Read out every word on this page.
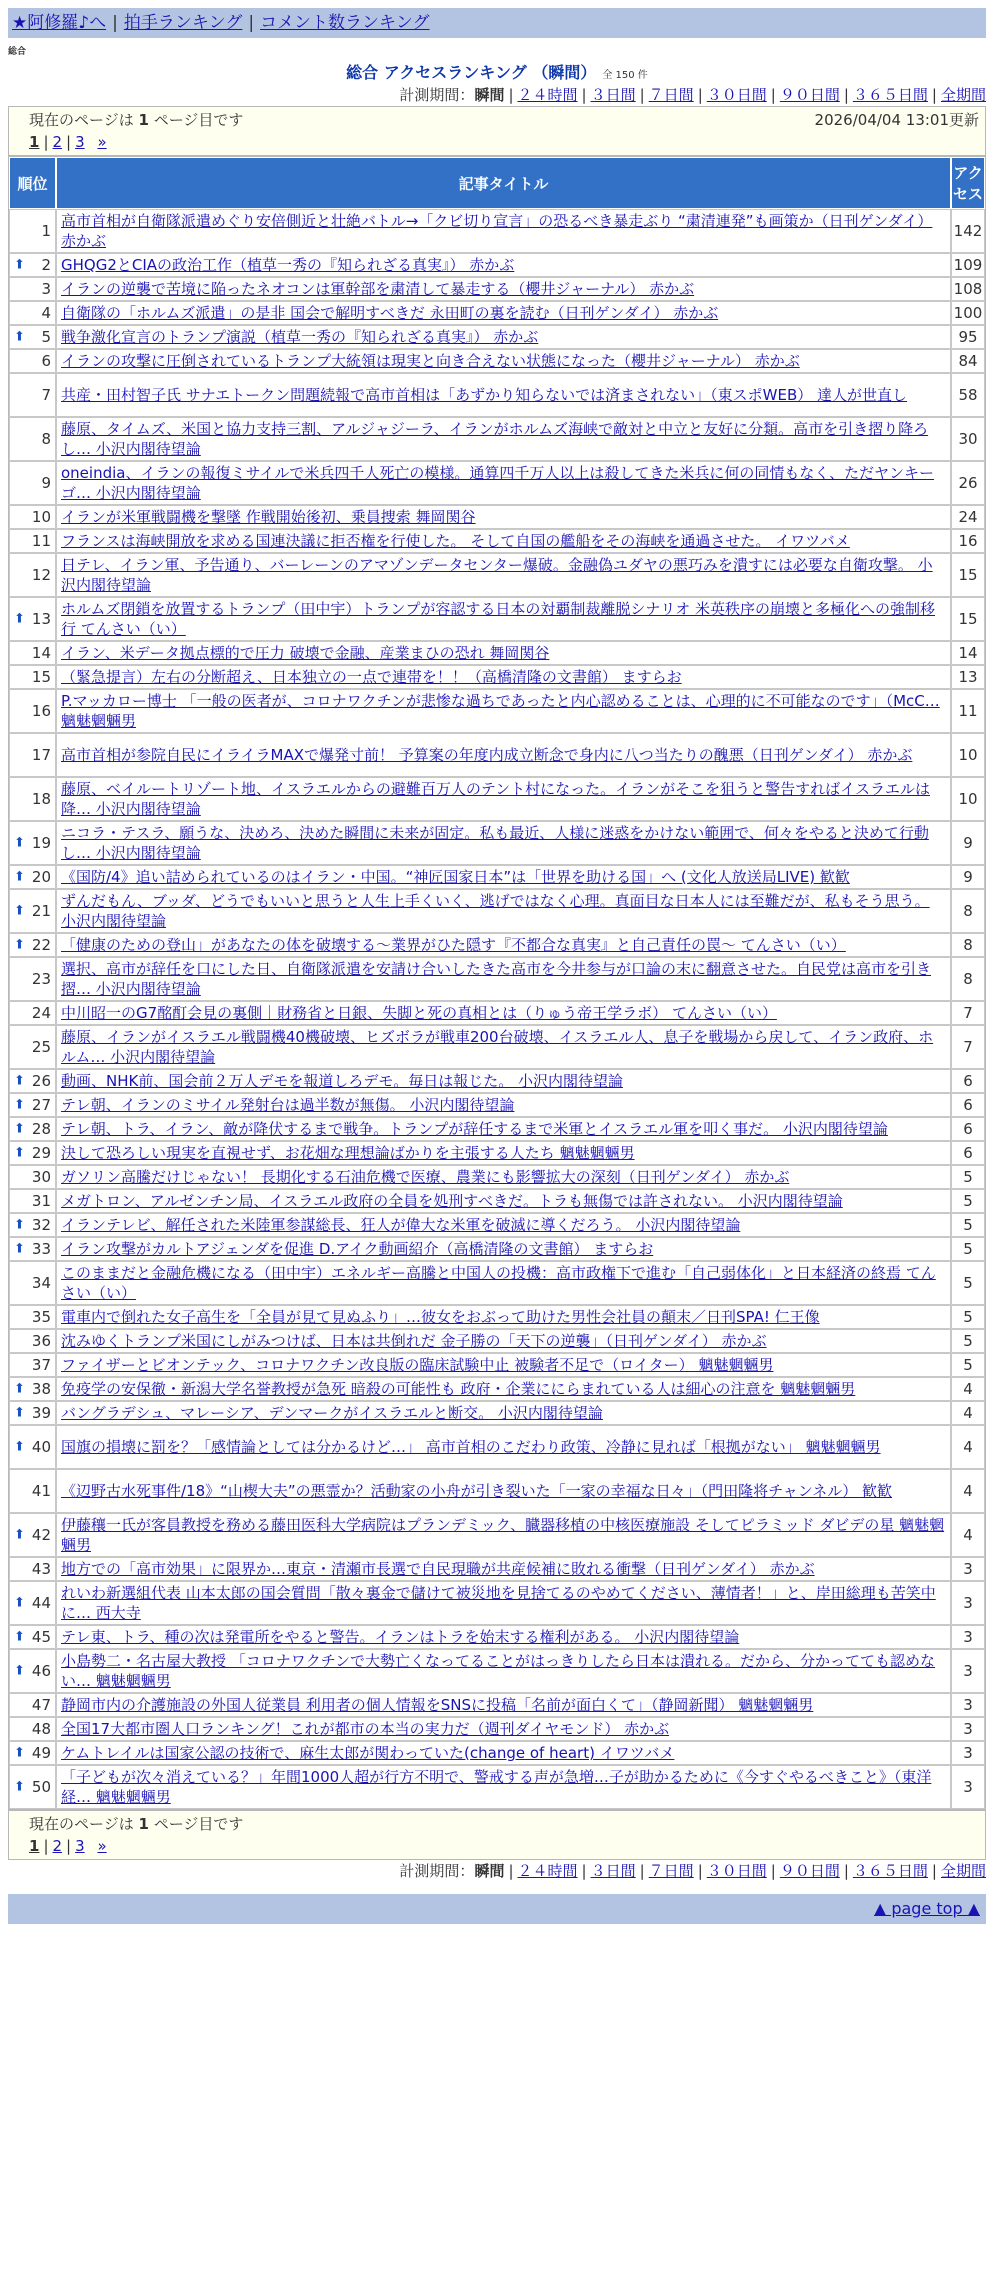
★阿修羅♪へ | 拍手ランキング | コメント数ランキング
総合
総合 アクセスランキング （瞬間） 全 150 件
計測期間：瞬間 | ２４時間 | ３日間 | ７日間 | ３０日間 | ９０日間 | ３６５日間 | 全期間
現在のページは 1 ページ目です	2026/04/04 13:01更新
1 | 2 | 3 »
順位	記事タイトル	アクセス
1	高市首相が自衛隊派遣めぐり安倍側近と壮絶バトル→「クビ切り宣言」の恐るべき暴走ぶり “粛清連発”も画策か（日刊ゲンダイ） 赤かぶ	142

⬆ 2	GHQG2とCIAの政治工作（植草一秀の『知られざる真実』） 赤かぶ	109
3	イランの逆襲で苦境に陥ったネオコンは軍幹部を粛清して暴走する（櫻井ジャーナル） 赤かぶ	108
4	自衛隊の「ホルムズ派遣」の是非 国会で解明すべきだ 永田町の裏を読む（日刊ゲンダイ） 赤かぶ	100

⬆ 5	戦争激化宣言のトランプ演説（植草一秀の『知られざる真実』） 赤かぶ	95
6	イランの攻撃に圧倒されているトランプ大統領は現実と向き合えない状態になった（櫻井ジャーナル） 赤かぶ	84
7	共産・田村智子氏 サナエトークン問題続報で高市首相は「あずかり知らないでは済まされない」（東スポWEB） 達人が世直し	58
8	藤原、タイムズ、米国と協力支持三割、アルジャジーラ、イランがホルムズ海峡で敵対と中立と友好に分類。高市を引き摺り降ろし… 小沢内閣待望論	30
9	oneindia、イランの報復ミサイルで米兵四千人死亡の模様。通算四千万人以上は殺してきた米兵に何の同情もなく、ただヤンキーゴ… 小沢内閣待望論	26
10	イランが米軍戦闘機を撃墜 作戦開始後初、乗員捜索 舞岡関谷	24
11	フランスは海峡開放を求める国連決議に拒否権を行使した。 そして自国の艦船をその海峡を通過させた。 イワツバメ	16
12	日テレ、イラン軍、予告通り、バーレーンのアマゾンデータセンター爆破。金融偽ユダヤの悪巧みを潰すには必要な自衛攻撃。 小沢内閣待望論	15

⬆ 13	ホルムズ閉鎖を放置するトランプ（田中宇）トランプが容認する日本の対覇制裁離脱シナリオ 米英秩序の崩壊と多極化への強制移行 てんさい（い）	15
14	イラン、米データ拠点標的で圧力 破壊で金融、産業まひの恐れ 舞岡関谷	14
15	（緊急提言）左右の分断超え、日本独立の一点で連帯を！！（高橋清隆の文書館） ますらお	13
16	P.マッカロー博士 「一般の医者が、コロナワクチンが悲惨な過ちであったと内心認めることは、心理的に不可能なのです」（McC… 魑魅魍魎男	11
17	高市首相が参院自民にイライラMAXで爆発寸前！ 予算案の年度内成立断念で身内に八つ当たりの醜悪（日刊ゲンダイ） 赤かぶ	10
18	藤原、ベイルートリゾート地、イスラエルからの避難百万人のテント村になった。イランがそこを狙うと警告すればイスラエルは降… 小沢内閣待望論	10

⬆ 19	ニコラ・テスラ、願うな、決めろ、決めた瞬間に未来が固定。私も最近、人様に迷惑をかけない範囲で、何々をやると決めて行動し… 小沢内閣待望論	9

⬆ 20	《国防/4》追い詰められているのはイラン・中国。“神匠国家日本”は「世界を助ける国」へ (文化人放送局LIVE) 歓歓	9

⬆ 21	ずんだもん、ブッダ、どうでもいいと思うと人生上手くいく、逃げではなく心理。真面目な日本人には至難だが、私もそう思う。 小沢内閣待望論	8

⬆ 22	「健康のための登山」があなたの体を破壊する～業界がひた隠す『不都合な真実』と自己責任の罠～ てんさい（い）	8
23	選択、高市が辞任を口にした日、自衛隊派遣を安請け合いしたきた高市を今井参与が口論の末に翻意させた。自民党は高市を引き摺… 小沢内閣待望論	8
24	中川昭一のG7酩酊会見の裏側｜財務省と日銀、失脚と死の真相とは（りゅう帝王学ラボ） てんさい（い）	7
25	藤原、イランがイスラエル戦闘機40機破壊、ヒズボラが戦車200台破壊、イスラエル人、息子を戦場から戻して、イラン政府、ホルム… 小沢内閣待望論	7

⬆ 26	動画、NHK前、国会前２万人デモを報道しろデモ。毎日は報じた。 小沢内閣待望論	6

⬆ 27	テレ朝、イランのミサイル発射台は過半数が無傷。 小沢内閣待望論	6

⬆ 28	テレ朝、トラ、イラン、敵が降伏するまで戦争。トランプが辞任するまで米軍とイスラエル軍を叩く事だ。 小沢内閣待望論	6

⬆ 29	決して恐ろしい現実を直視せず、お花畑な理想論ばかりを主張する人たち 魑魅魍魎男	6
30	ガソリン高騰だけじゃない！ 長期化する石油危機で医療、農業にも影響拡大の深刻（日刊ゲンダイ） 赤かぶ	5
31	メガトロン、アルゼンチン局、イスラエル政府の全員を処刑すべきだ。トラも無傷では許されない。 小沢内閣待望論	5

⬆ 32	イランテレビ、解任された米陸軍参謀総長、狂人が偉大な米軍を破滅に導くだろう。 小沢内閣待望論	5

⬆ 33	イラン攻撃がカルトアジェンダを促進 D.アイク動画紹介（高橋清隆の文書館） ますらお	5
34	このままだと金融危機になる（田中宇）エネルギー高騰と中国人の投機：高市政権下で進む「自己弱体化」と日本経済の終焉 てんさい（い）	5
35	電車内で倒れた女子高生を「全員が見て見ぬふり」…彼女をおぶって助けた男性会社員の顛末／日刊SPA! 仁王像	5
36	沈みゆくトランプ米国にしがみつけば、日本は共倒れだ 金子勝の「天下の逆襲」（日刊ゲンダイ） 赤かぶ	5
37	ファイザーとビオンテック、コロナワクチン改良版の臨床試験中止 被験者不足で（ロイター） 魑魅魍魎男	5

⬆ 38	免疫学の安保徹・新潟大学名誉教授が急死 暗殺の可能性も 政府・企業ににらまれている人は細心の注意を 魑魅魍魎男	4

⬆ 39	バングラデシュ、マレーシア、デンマークがイスラエルと断交。 小沢内閣待望論	4

⬆ 40	国旗の損壊に罰を？「感情論としては分かるけど…」 高市首相のこだわり政策、冷静に見れば「根拠がない」 魑魅魍魎男	4
41	《辺野古水死事件/18》“山楔大夫”の悪霊か？活動家の小舟が引き裂いた「一家の幸福な日々」（門田隆将チャンネル） 歓歓	4

⬆ 42	伊藤穰一氏が客員教授を務める藤田医科大学病院はプランデミック、臓器移植の中核医療施設 そしてピラミッド ダビデの星 魑魅魍魎男	4
43	地方での「高市効果」に限界か…東京・清瀬市長選で自民現職が共産候補に敗れる衝撃（日刊ゲンダイ） 赤かぶ	3

⬆ 44	れいわ新選組代表 山本太郎の国会質問「散々裏金で儲けて被災地を見捨てるのやめてください、薄情者！」と、岸田総理も苦笑中に… 西大寺	3

⬆ 45	テレ東、トラ、種の次は発電所をやると警告。イランはトラを始末する権利がある。 小沢内閣待望論	3

⬆ 46	小島勢二・名古屋大教授 「コロナワクチンで大勢亡くなってることがはっきりしたら日本は潰れる。だから、分かってても認めない… 魑魅魍魎男	3
47	静岡市内の介護施設の外国人従業員 利用者の個人情報をSNSに投稿「名前が面白くて」（静岡新聞） 魑魅魍魎男	3
48	全国17大都市圏人口ランキング！これが都市の本当の実力だ（週刊ダイヤモンド） 赤かぶ	3

⬆ 49	ケムトレイルは国家公認の技術で、麻生太郎が関わっていた(change of heart) イワツバメ	3

⬆ 50	「子どもが次々消えている？」年間1000人超が行方不明で、警戒する声が急増…子が助かるために《今すぐやるべきこと》（東洋経… 魑魅魍魎男	3
現在のページは 1 ページ目です
1 | 2 | 3 »
計測期間：瞬間 | ２４時間 | ３日間 | ７日間 | ３０日間 | ９０日間 | ３６５日間 | 全期間
▲ page top ▲
